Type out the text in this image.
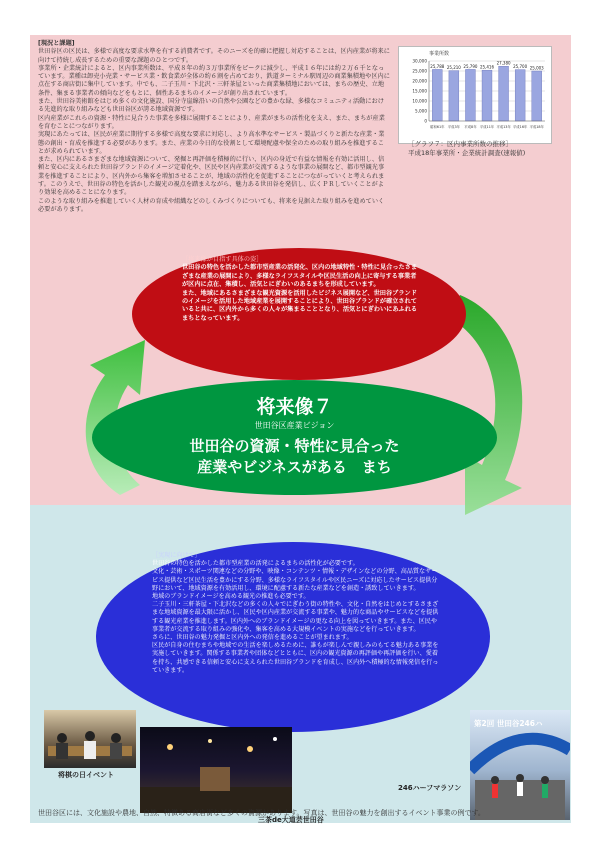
[現況と課題]

世田谷区の区民は、多様で高度な要求水準を有する消費者です。そのニーズを的確に把握し対応することは、区内産業が将来に向けて持続し成長するための重要な課題のひとつです。

事業所・企業統計によると、区内事業所数は、平成８年の約３万事業所をピークに減少し、平成１６年には約２万６千となっています。業種は卸売小売業・サービス業・飲食業が全体の約６割を占めており、鉄道ターミナル駅周辺の商業集積地や区内に点在する商店街に集中しています。中でも、二子玉川・下北沢・三軒茶屋といった商業集積地においては、まちの歴史、立地条件、集まる事業者の傾向などをもとに、個性あるまちのイメージが創り出されています。

また、世田谷美術館をはじめ多くの文化施設、国分寺崖線沿いの自然や公園などの豊かな緑、多様なコミュニティ活動における先進的な取り組みなども世田谷区が誇る地域資源です。

区内産業がこれらの資源・特性に見合うた事業を多様に展開することにより、産業がまちの活性化を支え、また、まちが産業を育むことにつながります。

実現にあたっては、区民が産業に期待する多様で高度な要求に対応し、より高水準なサービス・製品づくりと新たな産業・業態の創出・育成を推進する必要があります。また、産業の今日的な役割として環境配慮や保全のための取り組みを推進することが求められています。

また、区内にあるさまざまな地域資源について、発掘と再評価を積極的に行い、区内の身近で有益な情報を有効に活用し、信頼と安心に支えられた世田谷ブランドのイメージ定着化や、区民や区内産業が交流するような事業の展開など、都市型観光事業を推進することにより、区内外から集客を増加させることが、地域の活性化を促進することにつながっていくと考えられます。このうえで、世田谷の特色を活かした観光の視点を踏まえながら、魅力ある世田谷を発信し、広くＰＲしていくことがより効果を高めることになります。

このような取り組みを推進していく人材の育成や組織などのしくみづくりについても、将来を見据えた取り組みを進めていく必要があります。

事業所数
30,000
25,000
20,000
15,000
10,000
5,000
0
25,788
昭和61年
25,210
平成3年
25,790
平成8年
25,416
平成11年
27,380
平成13年
25,700
平成16年
25,003
平成18年
［グラフ７：区内事業所数の推移］
平成18年事業所・企業統計調査(速報値)
［将来像が目指す具体の姿］
世田谷の特色を活かした都市型産業の活発化、区内の地域特性・特性に見合ったさまざまな産業の展開により、多様なライフスタイルや区民生活の向上に寄与する事業者が区内に点在、集積し、活気とにぎわいのあるまちを形成しています。
また、地域にあるさまざまな観光資源を活用したビジネス展開など、世田谷ブランドのイメージを活用した地域産業を展開することにより、世田谷ブランドが確立されていると共に、区内外から多くの人々が集まることとなり、活気とにぎわいにあふれるまちとなっています。
将来像７
世田谷区産業ビジョン
世田谷の資源・特性に見合った
産業やビジネスがある　まち
［実現に向けて］
世田谷の特色を活かした都市型産業の活発によるまちの活性化が必要です。
文化・芸術・スポーツ関連などの分野や、映像・コンテンツ・情報・デザインなどの分野、高品質なサービス提供など区民生活を豊かにする分野、多様なライフスタイルや区民ニーズに対応したサービス提供分野において、地域資源を有効活用し、環境に配慮する新たな産業などを創造・誘致していきます。
地域のブランドイメージを高める観光の推進も必要です。
二子玉川・三軒茶屋・下北沢などの多くの人々でにぎわう街の特性や、文化・自然をはじめとするさまざまな地域資源を最大限に活かし、区民や区内産業が交流する事業や、魅力的な商品やサービスなどを提供する観光産業を推進します。区内外へのブランドイメージの更なる向上を図っていきます。また、区民や事業者が交流する取り組みの強化や、集客を高める大規模イベントの実施などを行っていきます。
さらに、世田谷の魅力発掘と区内外への発信を進めることが望まれます。
区民が自身の住むまちや地域での生活を楽しめるために、誰もが楽しんで親しみのもてる魅力ある事業を実施していきます。関係する事業者や団体などとともに、区内の観光資源の再評価や再評価を行い、愛着を持ち、共感できる信頼と安心に支えられた世田谷ブランドを育成し、区内外へ積極的な情報発信を行っていきます。
将棋の日イベント
三茶de大道芸世田谷
第2回 世田谷246ハ
246ハーフマラソン
世田谷区には、文化施設や農地、自然、特徴ある商店街など多くの資源があります。写真は、世田谷の魅力を創出するイベント事業の例です。
